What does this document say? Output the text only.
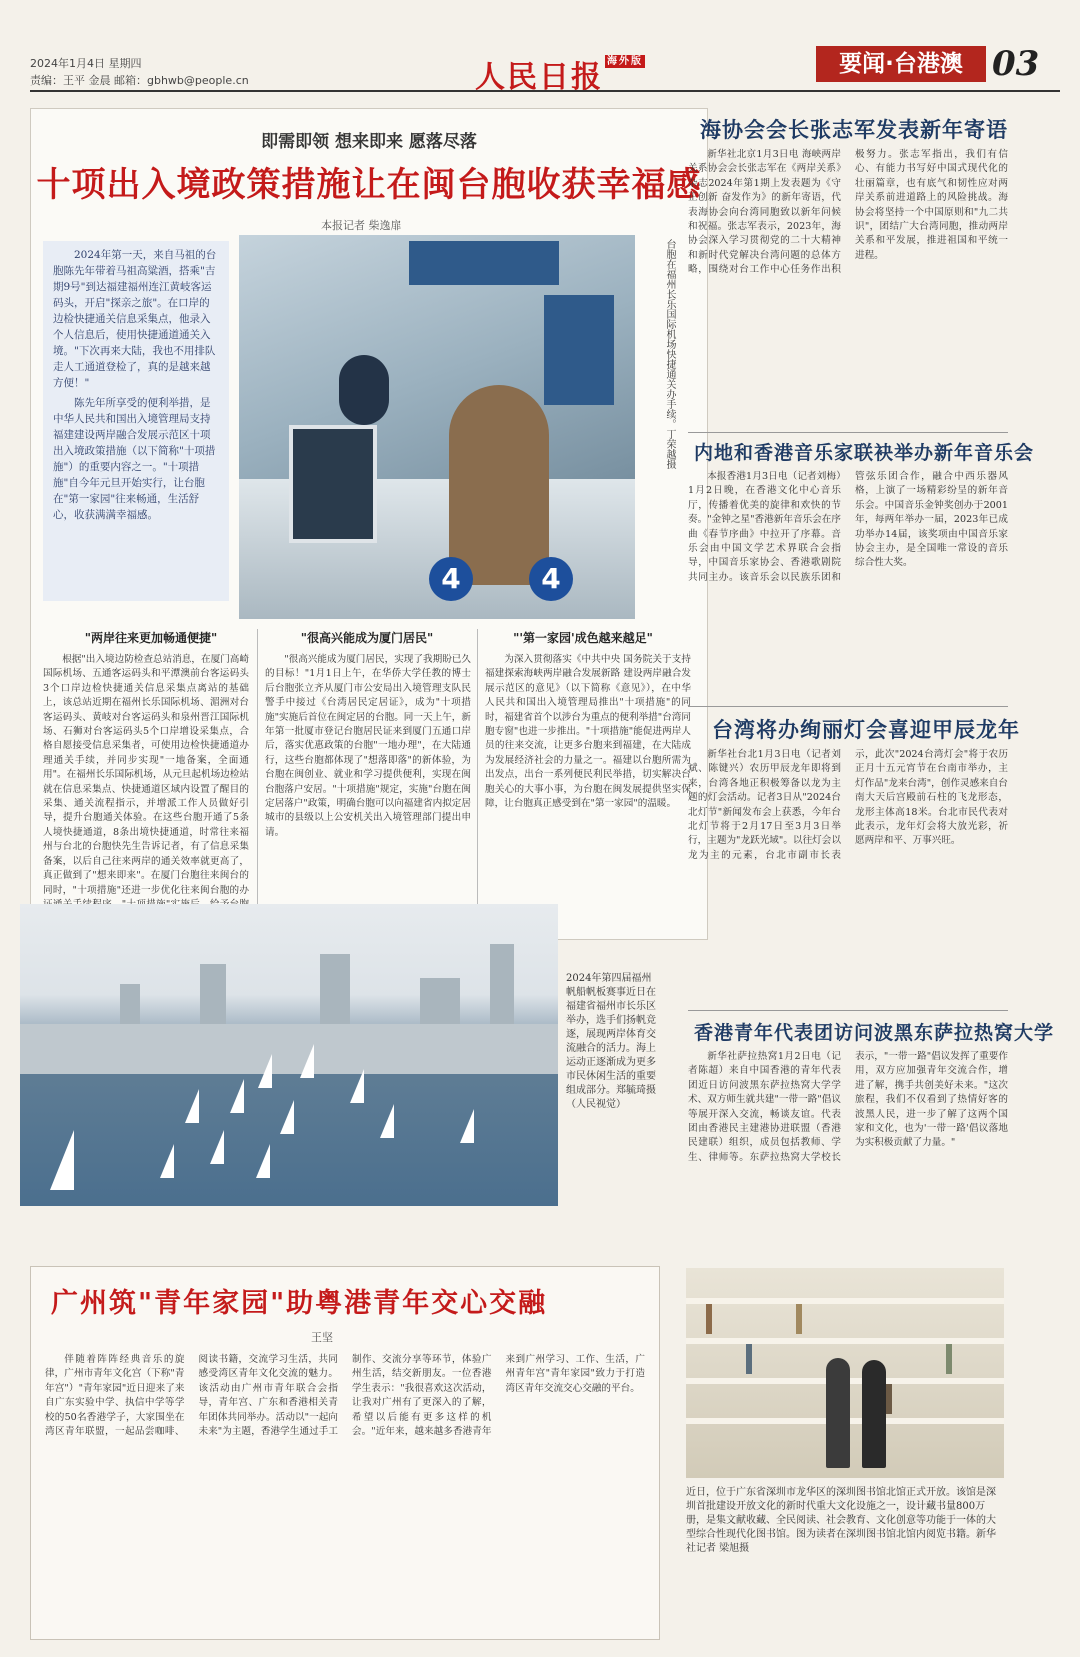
2024年1月4日 星期四
责编：王平 金晨 邮箱：gbhwb@people.cn	人民日报 $^{海外版}$	要闻·台港澳 03
即需即领 想来即来 愿落尽落
十项出入境政策措施让在闽台胞收获幸福感
本报记者 柴逸扉

2024年第一天，来自马祖的台胞陈先年带着马祖高粱酒，搭乘"吉期9号"到达福建福州连江黄岐客运码头，开启"探亲之旅"。在口岸的边检快捷通关信息采集点，他录入个人信息后，使用快捷通道通关入境。"下次再来大陆，我也不用排队走人工通道登检了，真的是越来越方便！"

陈先年所享受的便利举措，是中华人民共和国出入境管理局支持福建建设两岸融合发展示范区十项出入境政策措施（以下简称"十项措施"）的重要内容之一。"十项措施"自今年元旦开始实行，让台胞在"第一家园"往来畅通，生活舒心，收获满满幸福感。

4	4
台胞在福州长乐国际机场快捷通关办手续。丁荣越摄
"两岸往来更加畅通便捷"	"很高兴能成为厦门居民"	"'第一家园'成色越来越足"

根据"出入境边防检查总站消息，在厦门高崎国际机场、五通客运码头和平潭澳前台客运码头3个口岸边检快捷通关信息采集点离站的基础上，该总站近期在福州长乐国际机场、湄洲对台客运码头、黄岐对台客运码头和泉州晋江国际机场、石狮对台客运码头5个口岸增设采集点，合格自愿接受信息采集者，可使用边检快捷通道办理通关手续，并同步实现"一地备案，全面通用"。在福州长乐国际机场，从元旦起机场边检站就在信息采集点、快捷通道区域内设置了醒目的采集、通关流程指示，并增派工作人员做好引导，提升台胞通关体验。在这些台胞开通了5条人境快捷通道，8条出境快捷通道，时常往来福州与台北的台胞快先生告诉记者，有了信息采集备案，以后自己往来两岸的通关效率就更高了，真正做到了"想来即来"。在厦门台胞往来闽台的同时，"十项措施"还进一步优化往来闽台胞的办

"很高兴能成为厦门居民，实现了我期盼已久的目标！"1月1日上午，在华侨大学任教的博士后台胞张立齐从厦门市公安局出入境管理支队民警手中接过《台湾居民定居证》，成为"十项措施"实施后首位在闽定居的台胞。同一天上午，新年第一批厦市登记台胞居民证来到厦门五通口岸后，落实优惠政策的台胞"一地办理"，在大陆通行，这些台胞都体现了"想落即落"的新体验，为台胞在闽创业、就业和学习提供便利，实现在闽台胞落户安居。"十项措施"规定，实施"台胞在闽定居落户"政策，明确台胞可以向福建省内拟定居城市的县级以上公安机关出入境管理部门提出申请。

为深入贯彻落实《中共中央 国务院关于支持福建探索海峡两岸融合发展新路 建设两岸融合发展示范区的意见》（以下简称《意见》），在中华人民共和国出入境管理局推出"十项措施"的同时，福建省首个以涉台为重点的便利举措"台湾同胞专窗"也进一步推出。"十项措施"能促进两岸人员的往来交流，让更多台胞来到福建，在大陆成为发展经济社会的力量之一。福建以台胞所需为出发点，出台一系列便民利民举措，切实解决台胞关心的大事小事，为台胞在闽发展提供坚实保障，让台胞真正感受到在"第一家园"的温暖。

2024年第四届福州帆船帆板赛事近日在福建省福州市长乐区举办，选手们扬帆竞逐，展现两岸体育交流融合的活力。海上运动正逐渐成为更多市民休闲生活的重要组成部分。郑毓琦摄（人民视觉）
海协会会长张志军发表新年寄语

新华社北京1月3日电 海峡两岸关系协会会长张志军在《两岸关系》杂志2024年第1期上发表题为《守正创新 奋发作为》的新年寄语，代表海协会向台湾同胞致以新年问候和祝福。张志军表示，2023年，海协会深入学习贯彻党的二十大精神和新时代党解决台湾问题的总体方略，围绕对台工作中心任务作出积极努力。张志军指出，我们有信心、有能力书写好中国式现代化的壮丽篇章，也有底气和韧性应对两岸关系前进道路上的风险挑战。海协会将坚持一个中国原则和"九二共识"，团结广大台湾同胞，推动两岸关系和平发展，推进祖国和平统一进程。

内地和香港音乐家联袂举办新年音乐会

本报香港1月3日电（记者刘梅）1月2日晚，在香港文化中心音乐厅，传播着优美的旋律和欢快的节奏。"金钟之星"香港新年音乐会在序曲《春节序曲》中拉开了序幕。音乐会由中国文学艺术界联合会指导，中国音乐家协会、香港歌剧院共同主办。该音乐会以民族乐团和管弦乐团合作，融合中西乐器风格，上演了一场精彩纷呈的新年音乐会。中国音乐金钟奖创办于2001年，每两年举办一届，2023年已成功举办14届，该奖项由中国音乐家协会主办，是全国唯一常设的音乐综合性大奖。

台湾将办绚丽灯会喜迎甲辰龙年

新华社台北1月3日电（记者刘斌、陈键兴）农历甲辰龙年即将到来，台湾各地正积极筹备以龙为主题的灯会活动。记者3日从"2024台北灯节"新闻发布会上获悉，今年台北灯节将于2月17日至3月3日举行，主题为"龙跃光域"。以往灯会以龙为主的元素，台北市副市长表示，此次"2024台湾灯会"将于农历正月十五元宵节在台南市举办，主灯作品"龙来台湾"，创作灵感来自台南大天后宫殿前石柱的飞龙形态，龙形主体高18米。台北市民代表对此表示，龙年灯会将大放光彩，祈愿两岸和平、万事兴旺。

香港青年代表团访问波黑东萨拉热窝大学

新华社萨拉热窝1月2日电（记者陈超）来自中国香港的青年代表团近日访问波黑东萨拉热窝大学学术、双方师生就共建"一带一路"倡议等展开深入交流，畅谈友谊。代表团由香港民主建港协进联盟（香港民建联）组织，成员包括教师、学生、律师等。东萨拉热窝大学校长表示，"一带一路"倡议发挥了重要作用，双方应加强青年交流合作，增进了解，携手共创美好未来。"这次旅程，我们不仅看到了热情好客的波黑人民，进一步了解了这两个国家和文化，也为'一带一路'倡议落地为实积极贡献了力量。"

广州筑"青年家园"助粤港青年交心交融
王坚

伴随着阵阵经典音乐的旋律，广州市青年文化宫（下称"青年宫"）"青年家园"近日迎来了来自广东实验中学、执信中学等学校的50名香港学子，大家围坐在湾区青年联盟，一起品尝咖啡、阅读书籍，交流学习生活，共同感受湾区青年文化交流的魅力。该活动由广州市青年联合会指导，青年宫、广东和香港相关青年团体共同举办。活动以"一起向未来"为主题，香港学生通过手工制作、交流分享等环节，体验广州生活，结交新朋友。一位香港学生表示："我很喜欢这次活动，让我对广州有了更深入的了解，希望以后能有更多这样的机会。"近年来，越来越多香港青年来到广州学习、工作、生活，广州青年宫"青年家园"致力于打造湾区青年交流交心交融的平台。

近日，位于广东省深圳市龙华区的深圳图书馆北馆正式开放。该馆是深圳首批建设开放文化的新时代重大文化设施之一，设计藏书量800万册，是集文献收藏、全民阅读、社会教育、文化创意等功能于一体的大型综合性现代化图书馆。图为读者在深圳图书馆北馆内阅览书籍。新华社记者 梁旭摄
